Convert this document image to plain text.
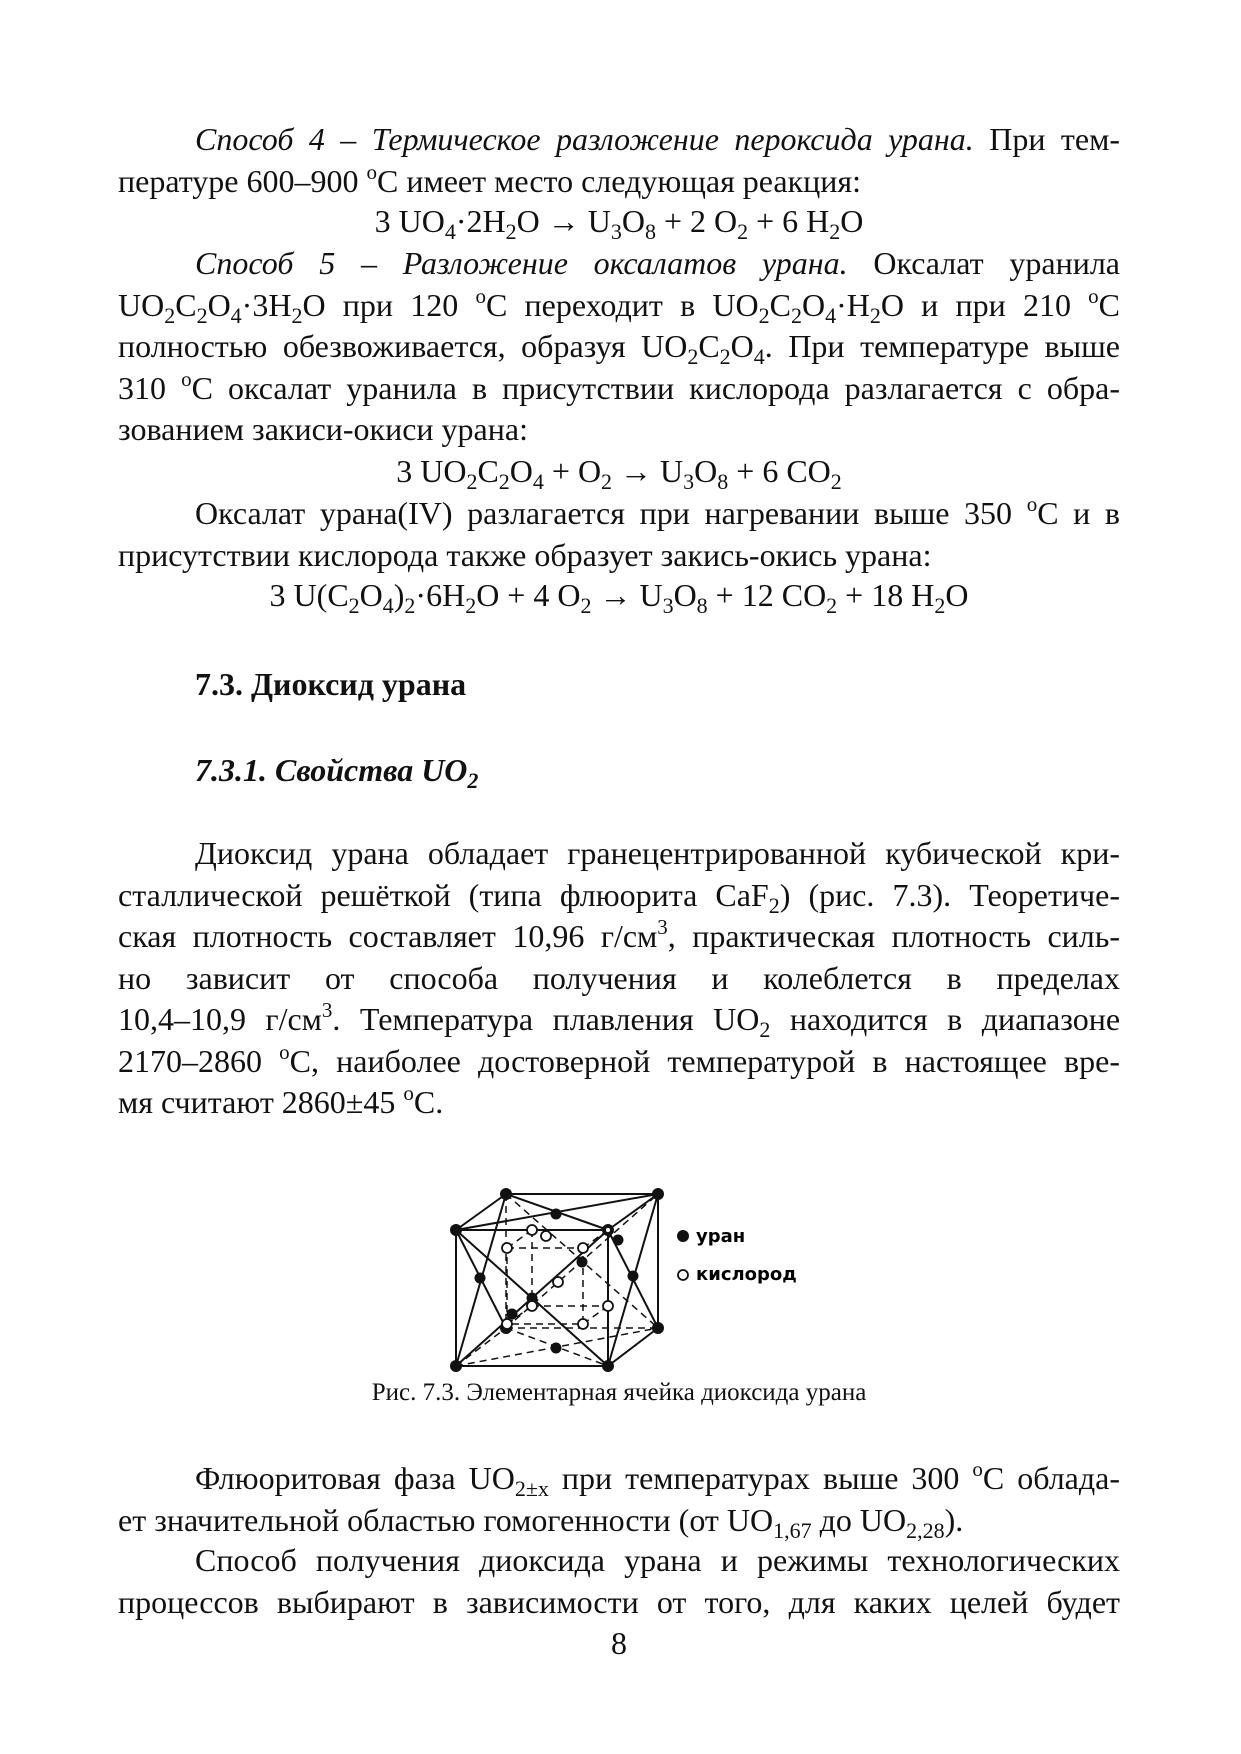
Способ 4 – Термическое разложение пероксида урана. При тем-
пературе 600–900 $^o$C имеет место следующая реакция:

3 $UO_4\cdot 2H_2O \to U_3O_8 + 2$ $O_2 + 6$ $H_2O$

Способ 5 – Разложение оксалатов урана. Оксалат уранила
$UO_2C_2O_4\cdot 3H_2O$ при 120 $^o$C переходит в $UO_2C_2O_4\cdot H_2O$ и при 210 $^o$C
полностью обезвоживается, образуя $UO_2C_2O_4$. При температуре выше
310 $^o$C оксалат уранила в присутствии кислорода разлагается с обра-
зованием закиси-окиси урана:

3 $UO_2C_2O_4 + O_2 \to U_3O_8 + 6$ $CO_2$

Оксалат урана(IV) разлагается при нагревании выше 350 $^o$C и в
присутствии кислорода также образует закись-окись урана:

3 $U(C_2O_4)_2\cdot 6H_2O + 4$ $O_2 \to U_3O_8 + 12$ $CO_2 + 18$ $H_2O$

7.3. Диоксид урана
7.3.1. Свойства $UO_2$

Диоксид урана обладает гранецентрированной кубической кри-
сталлической решёткой (типа флюорита CaF$_2$) (рис. 7.3). Теоретиче-
ская плотность составляет 10,96 $г/см^3$, практическая плотность силь-
но зависит от способа получения и колеблется в пределах
10,4–10,9 $г/см^3$. Температура плавления $UO_2$ находится в диапазоне
2170–2860 $^o$C, наиболее достоверной температурой в настоящее вре-
мя считают 2860±45 $^o$C.

уран
кислород

Рис. 7.3. Элементарная ячейка диоксида урана

Флюоритовая фаза $UO_{2\pm x}$ при температурах выше 300 $^o$C облада-
ет значительной областью гомогенности (от $UO_{1,67}$ до $UO_{2,28}$).

Способ получения диоксида урана и режимы технологических
процессов выбирают в зависимости от того, для каких целей будет

8
